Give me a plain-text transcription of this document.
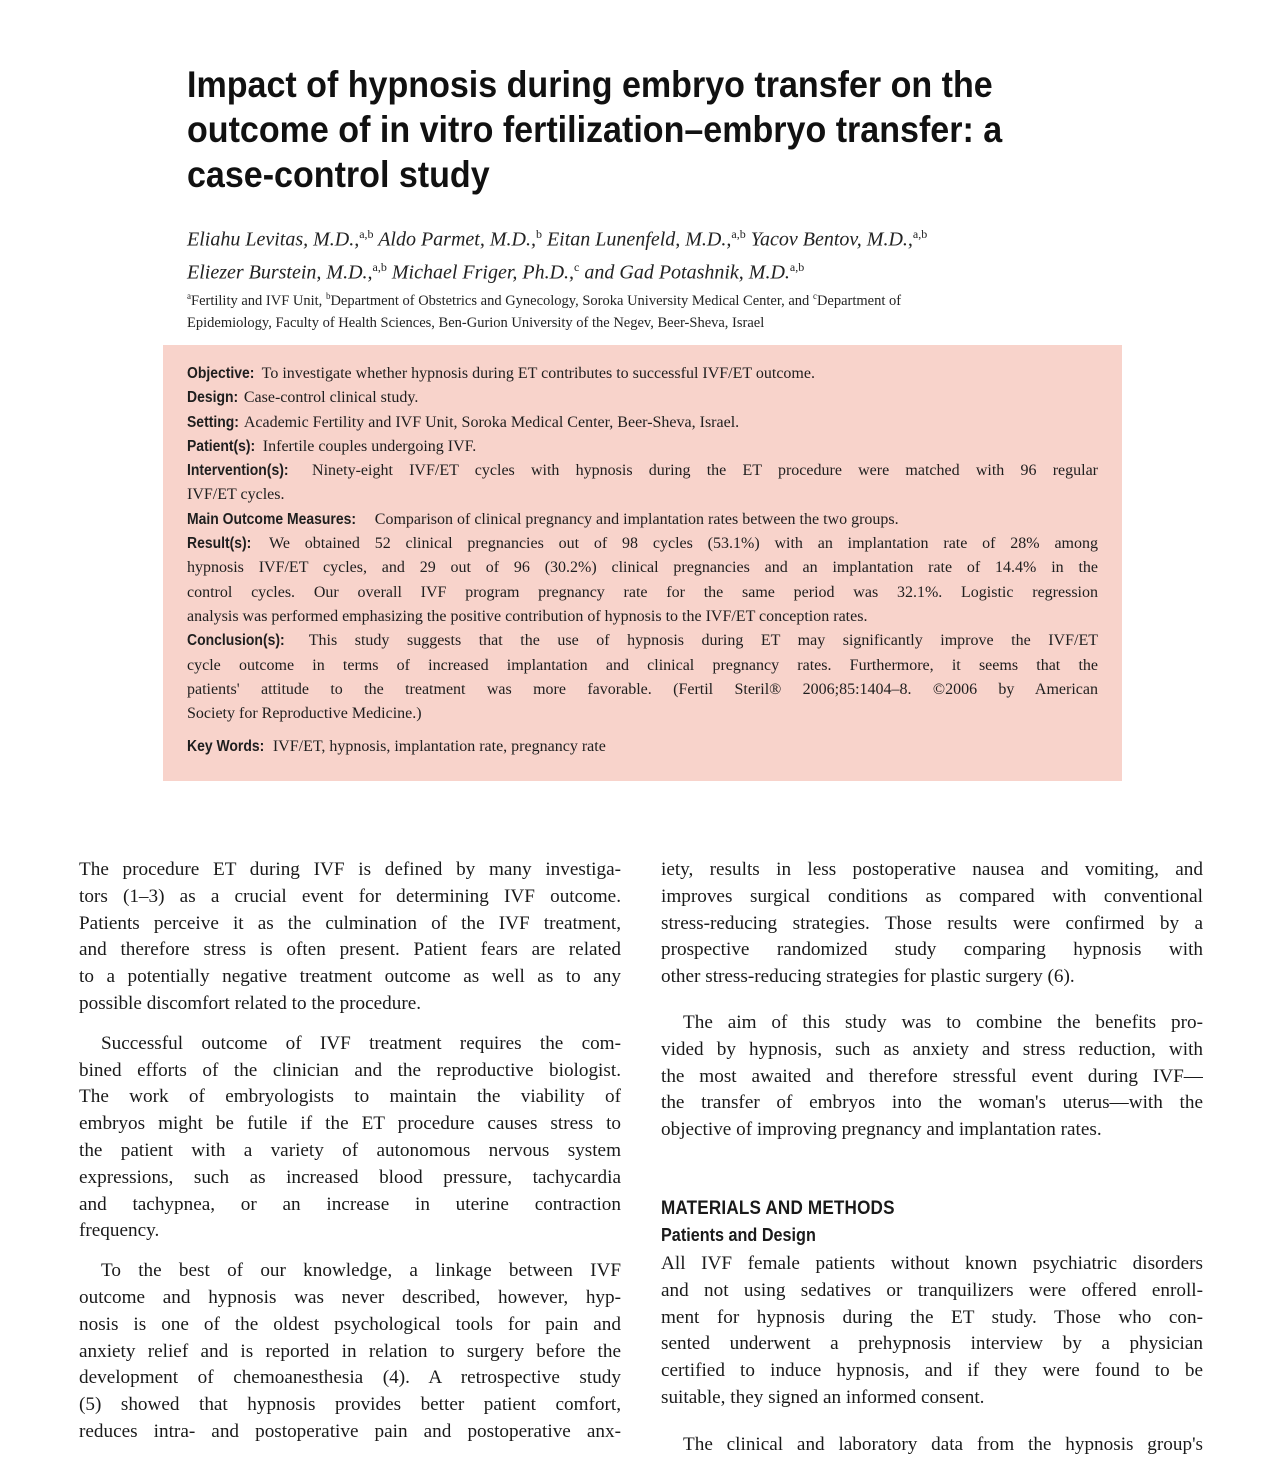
Impact of hypnosis during embryo transfer on the
outcome of in vitro fertilization–embryo transfer: a
case-control study
Eliahu Levitas, M.D.,$^{a,b}$ Aldo Parmet, M.D.,$^b$ Eitan Lunenfeld, M.D.,$^{a,b}$ Yacov Bentov, M.D.,$^{a,b}$
Eliezer Burstein, M.D.,$^{a,b}$ Michael Friger, Ph.D.,$^c$ and Gad Potashnik, M.D.$^{a,b}$
$^a$Fertility and IVF Unit, $^b$Department of Obstetrics and Gynecology, Soroka University Medical Center, and $^c$Department of
Epidemiology, Faculty of Health Sciences, Ben-Gurion University of the Negev, Beer-Sheva, Israel
Objective: To investigate whether hypnosis during ET contributes to successful IVF/ET outcome.
Design: Case-control clinical study.
Setting: Academic Fertility and IVF Unit, Soroka Medical Center, Beer-Sheva, Israel.
Patient(s): Infertile couples undergoing IVF.
Intervention(s): Ninety-eight IVF/ET cycles with hypnosis during the ET procedure were matched with 96 regular
IVF/ET cycles.
Main Outcome Measures: Comparison of clinical pregnancy and implantation rates between the two groups.
Result(s): We obtained 52 clinical pregnancies out of 98 cycles (53.1%) with an implantation rate of 28% among
hypnosis IVF/ET cycles, and 29 out of 96 (30.2%) clinical pregnancies and an implantation rate of 14.4% in the
control cycles. Our overall IVF program pregnancy rate for the same period was 32.1%. Logistic regression
analysis was performed emphasizing the positive contribution of hypnosis to the IVF/ET conception rates.
Conclusion(s): This study suggests that the use of hypnosis during ET may significantly improve the IVF/ET
cycle outcome in terms of increased implantation and clinical pregnancy rates. Furthermore, it seems that the
patients' attitude to the treatment was more favorable. (Fertil Steril® 2006;85:1404–8. ©2006 by American
Society for Reproductive Medicine.)
Key Words: IVF/ET, hypnosis, implantation rate, pregnancy rate
The procedure ET during IVF is defined by many investiga-
tors (1–3) as a crucial event for determining IVF outcome.
Patients perceive it as the culmination of the IVF treatment,
and therefore stress is often present. Patient fears are related
to a potentially negative treatment outcome as well as to any
possible discomfort related to the procedure.
Successful outcome of IVF treatment requires the com-
bined efforts of the clinician and the reproductive biologist.
The work of embryologists to maintain the viability of
embryos might be futile if the ET procedure causes stress to
the patient with a variety of autonomous nervous system
expressions, such as increased blood pressure, tachycardia
and tachypnea, or an increase in uterine contraction
frequency.
To the best of our knowledge, a linkage between IVF
outcome and hypnosis was never described, however, hyp-
nosis is one of the oldest psychological tools for pain and
anxiety relief and is reported in relation to surgery before the
development of chemoanesthesia (4). A retrospective study
(5) showed that hypnosis provides better patient comfort,
reduces intra- and postoperative pain and postoperative anx-
iety, results in less postoperative nausea and vomiting, and
improves surgical conditions as compared with conventional
stress-reducing strategies. Those results were confirmed by a
prospective randomized study comparing hypnosis with
other stress-reducing strategies for plastic surgery (6).
The aim of this study was to combine the benefits pro-
vided by hypnosis, such as anxiety and stress reduction, with
the most awaited and therefore stressful event during IVF—
the transfer of embryos into the woman's uterus—with the
objective of improving pregnancy and implantation rates.
MATERIALS AND METHODS
Patients and Design
All IVF female patients without known psychiatric disorders
and not using sedatives or tranquilizers were offered enroll-
ment for hypnosis during the ET study. Those who con-
sented underwent a prehypnosis interview by a physician
certified to induce hypnosis, and if they were found to be
suitable, they signed an informed consent.
The clinical and laboratory data from the hypnosis group's
